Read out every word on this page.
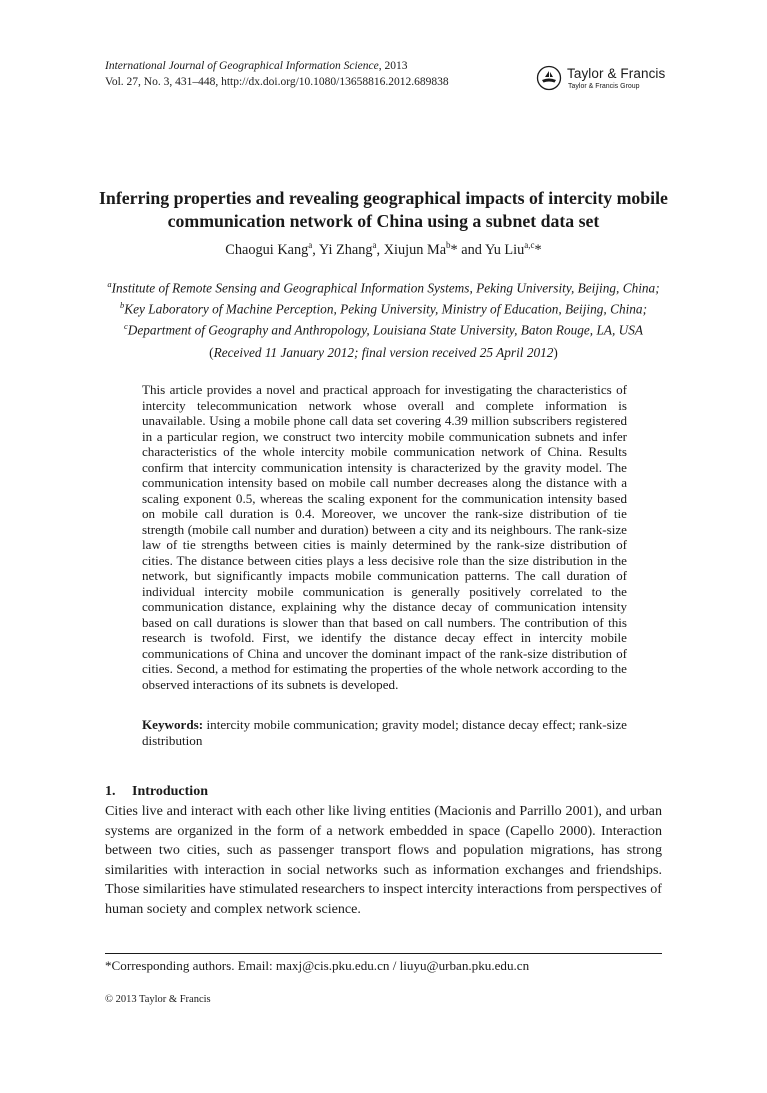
International Journal of Geographical Information Science, 2013
Vol. 27, No. 3, 431–448, http://dx.doi.org/10.1080/13658816.2012.689838
Taylor & Francis
Taylor & Francis Group
Inferring properties and revealing geographical impacts of intercity mobile communication network of China using a subnet data set
Chaogui Kang$^a$, Yi Zhang$^a$, Xiujun Ma$^b$* and Yu Liu$^{a,c}$*
$^a$Institute of Remote Sensing and Geographical Information Systems, Peking University, Beijing, China; $^b$Key Laboratory of Machine Perception, Peking University, Ministry of Education, Beijing, China; $^c$Department of Geography and Anthropology, Louisiana State University, Baton Rouge, LA, USA
(Received 11 January 2012; final version received 25 April 2012)

This article provides a novel and practical approach for investigating the characteristics of intercity telecommunication network whose overall and complete information is unavailable. Using a mobile phone call data set covering 4.39 million subscribers registered in a particular region, we construct two intercity mobile communication subnets and infer characteristics of the whole intercity mobile communication network of China. Results confirm that intercity communication intensity is characterized by the gravity model. The communication intensity based on mobile call number decreases along the distance with a scaling exponent 0.5, whereas the scaling exponent for the communication intensity based on mobile call duration is 0.4. Moreover, we uncover the rank-size distribution of tie strength (mobile call number and duration) between a city and its neighbours. The rank-size law of tie strengths between cities is mainly determined by the rank-size distribution of cities. The distance between cities plays a less decisive role than the size distribution in the network, but significantly impacts mobile communication patterns. The call duration of individual intercity mobile communication is generally positively correlated to the communication distance, explaining why the distance decay of communication intensity based on call durations is slower than that based on call numbers. The contribution of this research is twofold. First, we identify the distance decay effect in intercity mobile communications of China and uncover the dominant impact of the rank-size distribution of cities. Second, a method for estimating the properties of the whole network according to the observed interactions of its subnets is developed.

Keywords: intercity mobile communication; gravity model; distance decay effect; rank-size distribution

1. Introduction

Cities live and interact with each other like living entities (Macionis and Parrillo 2001), and urban systems are organized in the form of a network embedded in space (Capello 2000). Interaction between two cities, such as passenger transport flows and population migrations, has strong similarities with interaction in social networks such as information exchanges and friendships. Those similarities have stimulated researchers to inspect intercity interactions from perspectives of human society and complex network science.

*Corresponding authors. Email: maxj@cis.pku.edu.cn / liuyu@urban.pku.edu.cn
© 2013 Taylor & Francis
